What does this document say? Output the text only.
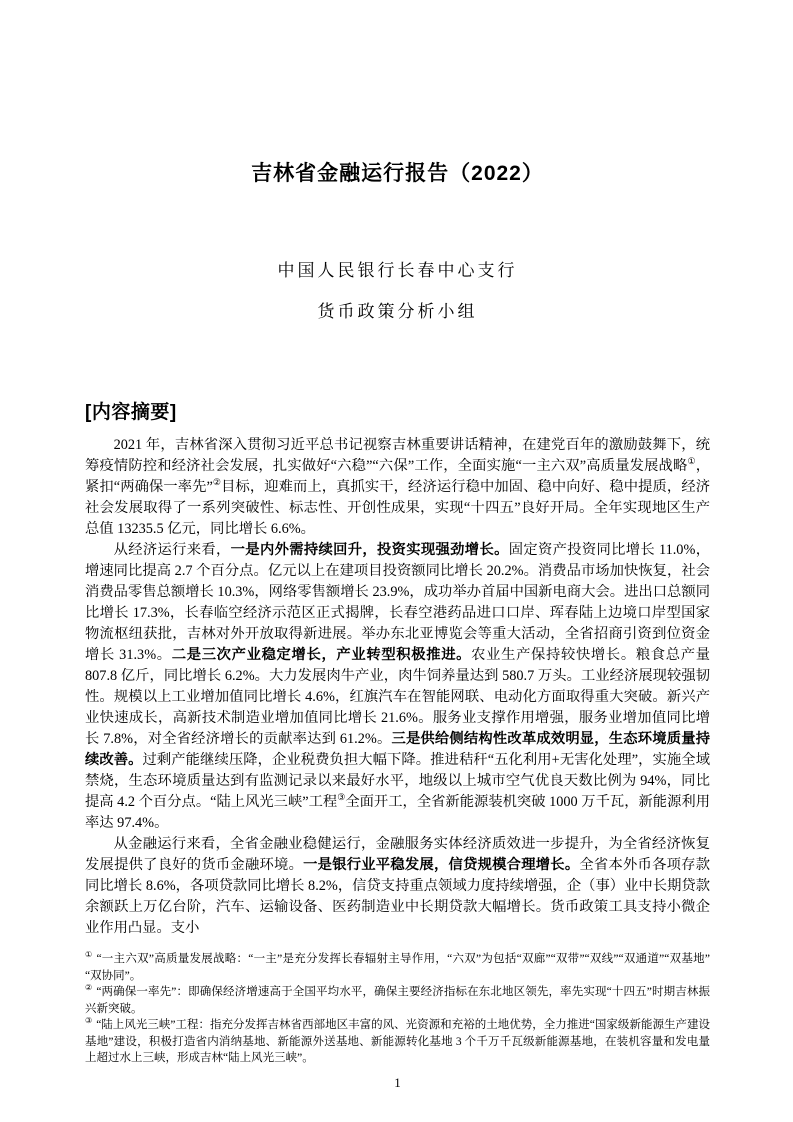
吉林省金融运行报告（2022）

中国人民银行长春中心支行

货币政策分析小组

[内容摘要]

2021 年，吉林省深入贯彻习近平总书记视察吉林重要讲话精神，在建党百年的激励鼓舞下，统筹疫情防控和经济社会发展，扎实做好“六稳”“六保”工作，全面实施“一主六双”高质量发展战略①，紧扣“两确保一率先”②目标，迎难而上，真抓实干，经济运行稳中加固、稳中向好、稳中提质，经济社会发展取得了一系列突破性、标志性、开创性成果，实现“十四五”良好开局。全年实现地区生产总值 13235.5 亿元，同比增长 6.6%。

从经济运行来看，一是内外需持续回升，投资实现强劲增长。固定资产投资同比增长 11.0%，增速同比提高 2.7 个百分点。亿元以上在建项目投资额同比增长 20.2%。消费品市场加快恢复，社会消费品零售总额增长 10.3%，网络零售额增长 23.9%，成功举办首届中国新电商大会。进出口总额同比增长 17.3%，长春临空经济示范区正式揭牌，长春空港药品进口口岸、珲春陆上边境口岸型国家物流枢纽获批，吉林对外开放取得新进展。举办东北亚博览会等重大活动，全省招商引资到位资金增长 31.3%。二是三次产业稳定增长，产业转型积极推进。农业生产保持较快增长。粮食总产量 807.8 亿斤，同比增长 6.2%。大力发展肉牛产业，肉牛饲养量达到 580.7 万头。工业经济展现较强韧性。规模以上工业增加值同比增长 4.6%，红旗汽车在智能网联、电动化方面取得重大突破。新兴产业快速成长，高新技术制造业增加值同比增长 21.6%。服务业支撑作用增强，服务业增加值同比增长 7.8%，对全省经济增长的贡献率达到 61.2%。三是供给侧结构性改革成效明显，生态环境质量持续改善。过剩产能继续压降，企业税费负担大幅下降。推进秸秆“五化利用+无害化处理”，实施全域禁烧，生态环境质量达到有监测记录以来最好水平，地级以上城市空气优良天数比例为 94%，同比提高 4.2 个百分点。“陆上风光三峡”工程③全面开工，全省新能源装机突破 1000 万千瓦，新能源利用率达 97.4%。

从金融运行来看，全省金融业稳健运行，金融服务实体经济质效进一步提升，为全省经济恢复发展提供了良好的货币金融环境。一是银行业平稳发展，信贷规模合理增长。全省本外币各项存款同比增长 8.6%，各项贷款同比增长 8.2%，信贷支持重点领域力度持续增强，企（事）业中长期贷款余额跃上万亿台阶，汽车、运输设备、医药制造业中长期贷款大幅增长。货币政策工具支持小微企业作用凸显。支小

① “一主六双”高质量发展战略：“一主”是充分发挥长春辐射主导作用，“六双”为包括“双廊”“双带”“双线”“双通道”“双基地”“双协同”。

② “两确保一率先”：即确保经济增速高于全国平均水平，确保主要经济指标在东北地区领先，率先实现“十四五”时期吉林振兴新突破。

③ “陆上风光三峡”工程：指充分发挥吉林省西部地区丰富的风、光资源和充裕的土地优势，全力推进“国家级新能源生产建设基地”建设，积极打造省内消纳基地、新能源外送基地、新能源转化基地 3 个千万千瓦级新能源基地，在装机容量和发电量上超过水上三峡，形成吉林“陆上风光三峡”。

1
